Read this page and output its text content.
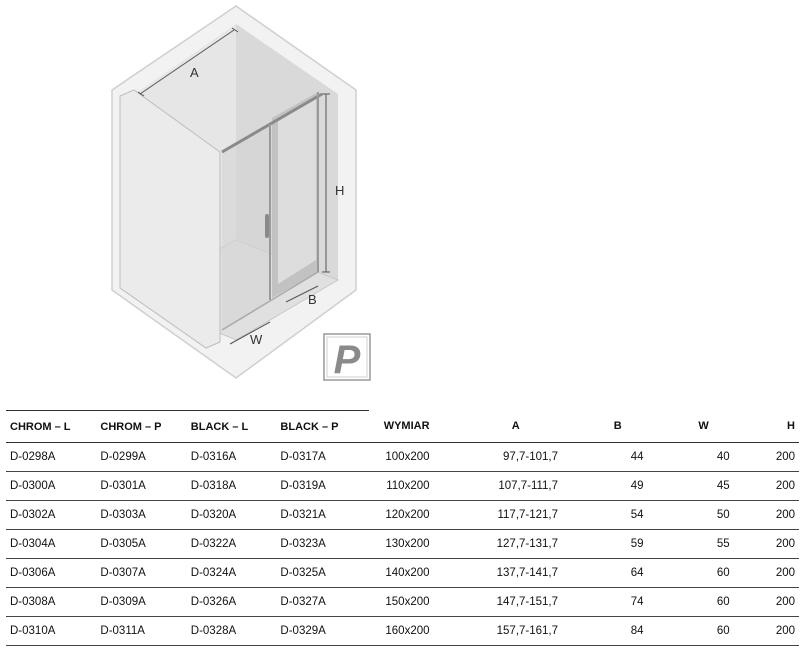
A
H
B
W P
CHROM – L	CHROM – P	BLACK – L	BLACK – P	WYMIAR	A	B	W	H
D-0298A	D-0299A	D-0316A	D-0317A	100x200	97,7-101,7	44	40	200
D-0300A	D-0301A	D-0318A	D-0319A	110x200	107,7-111,7	49	45	200
D-0302A	D-0303A	D-0320A	D-0321A	120x200	117,7-121,7	54	50	200
D-0304A	D-0305A	D-0322A	D-0323A	130x200	127,7-131,7	59	55	200
D-0306A	D-0307A	D-0324A	D-0325A	140x200	137,7-141,7	64	60	200
D-0308A	D-0309A	D-0326A	D-0327A	150x200	147,7-151,7	74	60	200
D-0310A	D-0311A	D-0328A	D-0329A	160x200	157,7-161,7	84	60	200
